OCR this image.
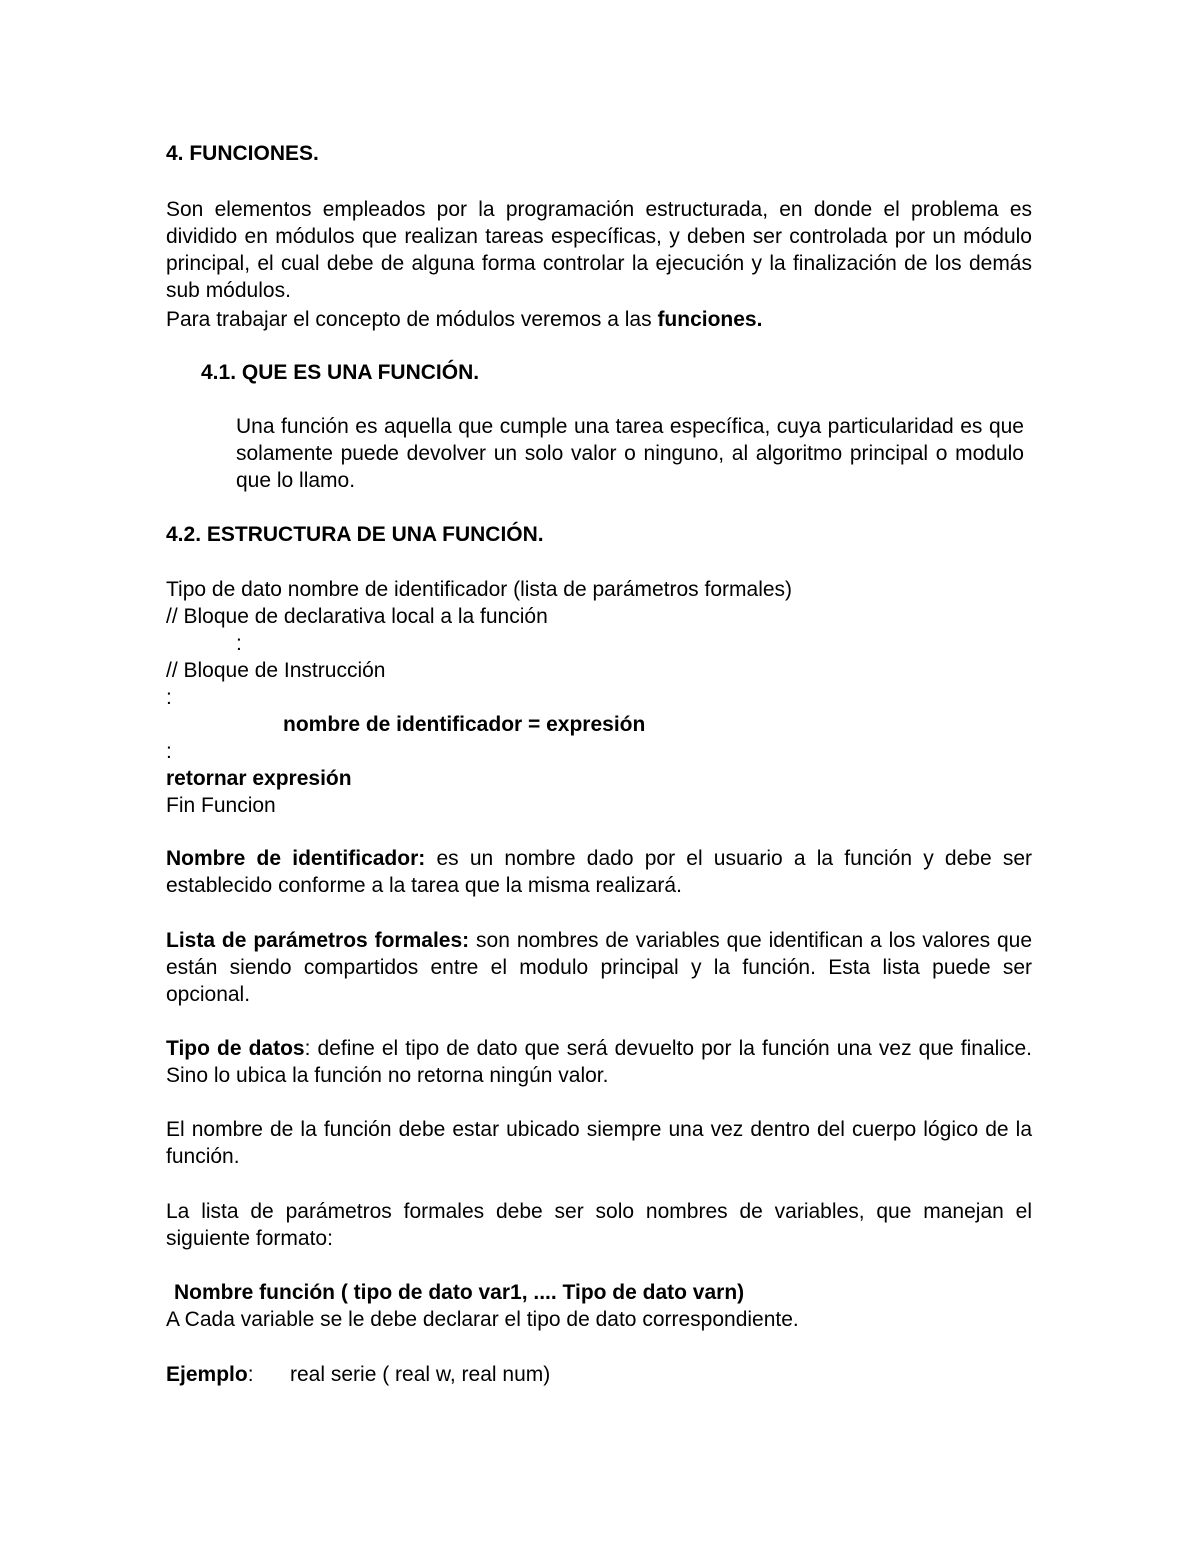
4. FUNCIONES.
Son elementos empleados por la programación estructurada, en donde el problema es dividido en módulos que realizan tareas específicas, y deben ser controlada por un módulo principal, el cual debe de alguna forma controlar la ejecución y la finalización de los demás sub módulos.
Para trabajar el concepto de módulos veremos a las funciones.
4.1. QUE ES UNA FUNCIÓN.
Una función es aquella que cumple una tarea específica, cuya particularidad es que solamente puede devolver un solo valor o ninguno, al algoritmo principal o modulo que lo llamo.
4.2. ESTRUCTURA DE UNA FUNCIÓN.
Tipo de dato nombre de identificador (lista de parámetros formales)
// Bloque de declarativa local a la función
:
// Bloque de Instrucción
:
nombre de identificador = expresión
:
retornar expresión
Fin Funcion
Nombre de identificador: es un nombre dado por el usuario a la función y debe ser establecido conforme a la tarea que la misma realizará.
Lista de parámetros formales: son nombres de variables que identifican a los valores que están siendo compartidos entre el modulo principal y la función. Esta lista puede ser opcional.
Tipo de datos: define el tipo de dato que será devuelto por la función una vez que finalice. Sino lo ubica la función no retorna ningún valor.
El nombre de la función debe estar ubicado siempre una vez dentro del cuerpo lógico de la función.
La lista de parámetros formales debe ser solo nombres de variables, que manejan el siguiente formato:
Nombre función ( tipo de dato var1, .... Tipo de dato varn)
A Cada variable se le debe declarar el tipo de dato correspondiente.
Ejemplo: real serie ( real w, real num)
